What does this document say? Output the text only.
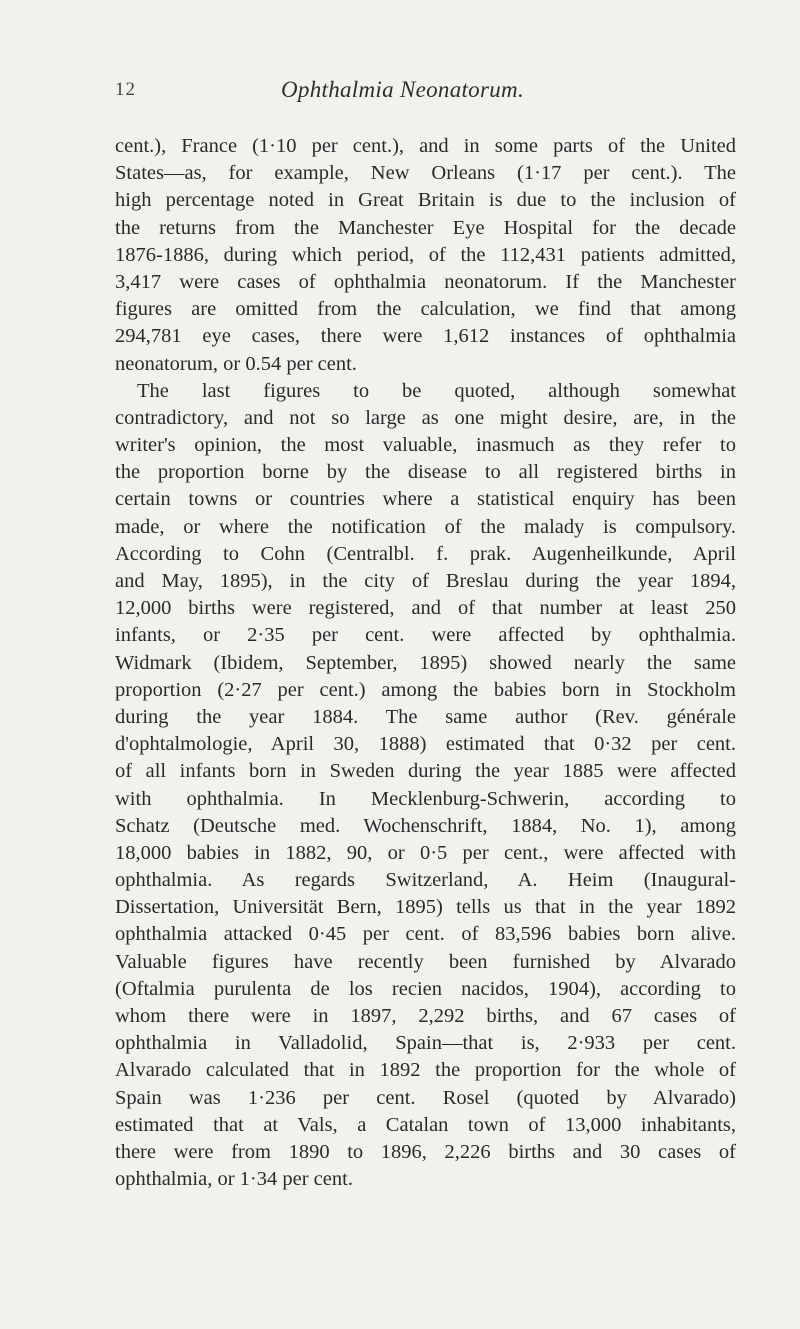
12	Ophthalmia Neonatorum.
cent.), France (1·10 per cent.), and in some parts of the United
States—as, for example, New Orleans (1·17 per cent.). The
high percentage noted in Great Britain is due to the inclusion of
the returns from the Manchester Eye Hospital for the decade
1876-1886, during which period, of the 112,431 patients admitted,
3,417 were cases of ophthalmia neonatorum. If the Manchester
figures are omitted from the calculation, we find that among
294,781 eye cases, there were 1,612 instances of ophthalmia
neonatorum, or 0.54 per cent.
The last figures to be quoted, although somewhat
contradictory, and not so large as one might desire, are, in the
writer's opinion, the most valuable, inasmuch as they refer to
the proportion borne by the disease to all registered births in
certain towns or countries where a statistical enquiry has been
made, or where the notification of the malady is compulsory.
According to Cohn (Centralbl. f. prak. Augenheilkunde, April
and May, 1895), in the city of Breslau during the year 1894,
12,000 births were registered, and of that number at least 250
infants, or 2·35 per cent. were affected by ophthalmia.
Widmark (Ibidem, September, 1895) showed nearly the same
proportion (2·27 per cent.) among the babies born in Stockholm
during the year 1884. The same author (Rev. générale
d'ophtalmologie, April 30, 1888) estimated that 0·32 per cent.
of all infants born in Sweden during the year 1885 were affected
with ophthalmia. In Mecklenburg-Schwerin, according to
Schatz (Deutsche med. Wochenschrift, 1884, No. 1), among
18,000 babies in 1882, 90, or 0·5 per cent., were affected with
ophthalmia. As regards Switzerland, A. Heim (Inaugural-
Dissertation, Universität Bern, 1895) tells us that in the year 1892
ophthalmia attacked 0·45 per cent. of 83,596 babies born alive.
Valuable figures have recently been furnished by Alvarado
(Oftalmia purulenta de los recien nacidos, 1904), according to
whom there were in 1897, 2,292 births, and 67 cases of
ophthalmia in Valladolid, Spain—that is, 2·933 per cent.
Alvarado calculated that in 1892 the proportion for the whole of
Spain was 1·236 per cent. Rosel (quoted by Alvarado)
estimated that at Vals, a Catalan town of 13,000 inhabitants,
there were from 1890 to 1896, 2,226 births and 30 cases of
ophthalmia, or 1·34 per cent.
